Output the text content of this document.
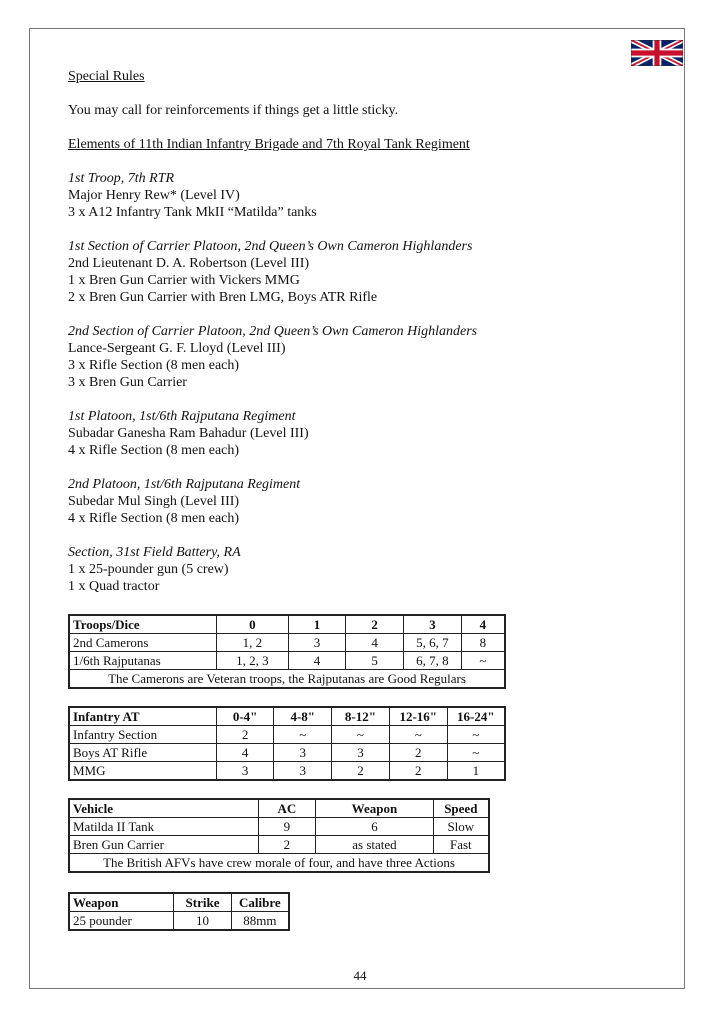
Special Rules
You may call for reinforcements if things get a little sticky.
Elements of 11th Indian Infantry Brigade and 7th Royal Tank Regiment
1st Troop, 7th RTR
Major Henry Rew* (Level IV)
3 x A12 Infantry Tank MkII “Matilda” tanks
1st Section of Carrier Platoon, 2nd Queen’s Own Cameron Highlanders
2nd Lieutenant D. A. Robertson (Level III)
1 x Bren Gun Carrier with Vickers MMG
2 x Bren Gun Carrier with Bren LMG, Boys ATR Rifle
2nd Section of Carrier Platoon, 2nd Queen’s Own Cameron Highlanders
Lance-Sergeant G. F. Lloyd (Level III)
3 x Rifle Section (8 men each)
3 x Bren Gun Carrier
1st Platoon, 1st/6th Rajputana Regiment
Subadar Ganesha Ram Bahadur (Level III)
4 x Rifle Section (8 men each)
2nd Platoon, 1st/6th Rajputana Regiment
Subedar Mul Singh (Level III)
4 x Rifle Section (8 men each)
Section, 31st Field Battery, RA
1 x 25-pounder gun (5 crew)
1 x Quad tractor
Troops/Dice	0	1	2	3	4
2nd Camerons	1, 2	3	4	5, 6, 7	8
1/6th Rajputanas	1, 2, 3	4	5	6, 7, 8	~
The Camerons are Veteran troops, the Rajputanas are Good Regulars					
Infantry AT	0-4"	4-8"	8-12"	12-16"	16-24"
Infantry Section	2	~	~	~	~
Boys AT Rifle	4	3	3	2	~
MMG	3	3	2	2	1
Vehicle	AC	Weapon	Speed
Matilda II Tank	9	6	Slow
Bren Gun Carrier	2	as stated	Fast
The British AFVs have crew morale of four, and have three Actions			
Weapon	Strike	Calibre
25 pounder	10	88mm
44
